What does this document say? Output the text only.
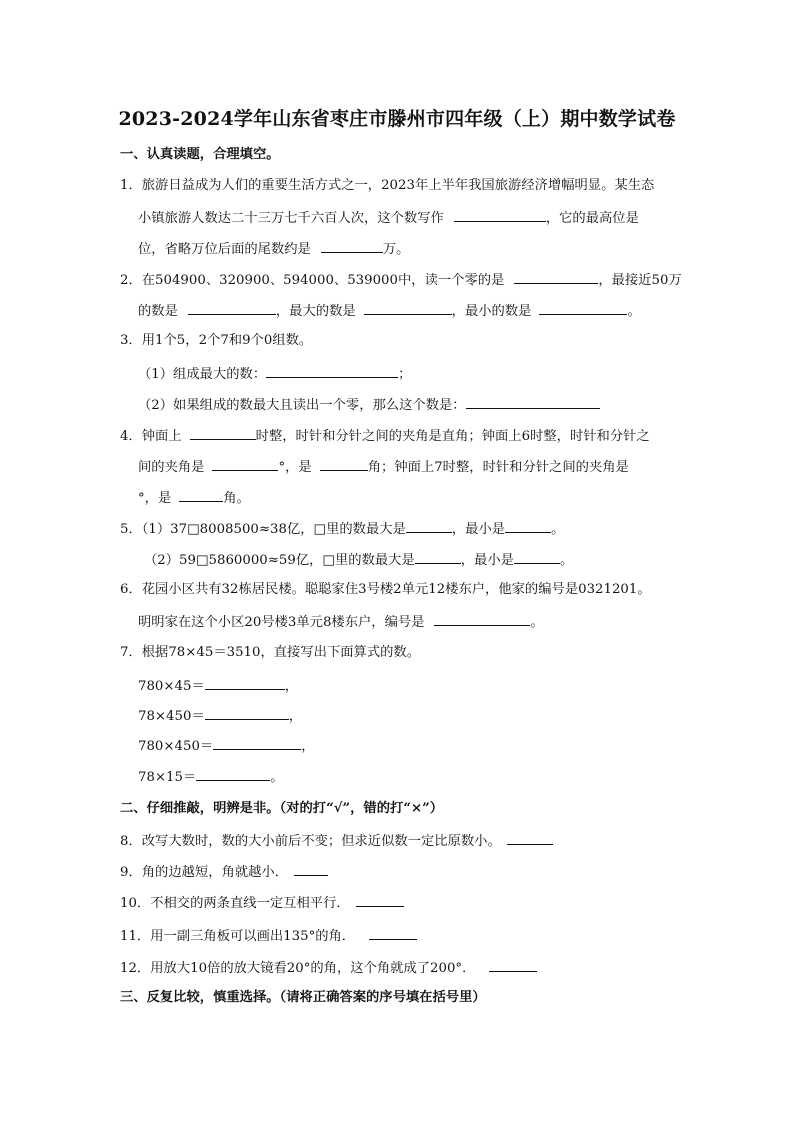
2023-2024学年山东省枣庄市滕州市四年级（上）期中数学试卷
一、认真读题，合理填空。
1．旅游日益成为人们的重要生活方式之一，2023年上半年我国旅游经济增幅明显。某生态
小镇旅游人数达二十三万七千六百人次，这个数写作	，它的最高位是
位，省略万位后面的尾数约是	万。
2．在504900、320900、594000、539000中，读一个零的是	，最接近50万
的数是	，最大的数是	，最小的数是	。
3．用1个5，2个7和9个0组数。
（1）组成最大的数：	；
（2）如果组成的数最大且读出一个零，那么这个数是：
4．钟面上	时整，时针和分针之间的夹角是直角；钟面上6时整，时针和分针之
间的夹角是	°，是	角；钟面上7时整，时针和分针之间的夹角是
°，是	角。
5．（1）37□8008500≈38亿，□里的数最大是	，最小是	。
（2）59□5860000≈59亿，□里的数最大是	，最小是	。
6．花园小区共有32栋居民楼。聪聪家住3号楼2单元12楼东户，他家的编号是0321201。
明明家在这个小区20号楼3单元8楼东户，编号是	。
7．根据78×45＝3510，直接写出下面算式的数。
780×45＝	，
78×450＝	，
780×450＝	，
78×15＝	。
二、仔细推敲，明辨是非。（对的打“√”，错的打“×”）
8．改写大数时，数的大小前后不变；但求近似数一定比原数小。
9．角的边越短，角就越小．
10．不相交的两条直线一定互相平行．
11．用一副三角板可以画出135°的角．
12．用放大10倍的放大镜看20°的角，这个角就成了200°．
三、反复比较，慎重选择。（请将正确答案的序号填在括号里）
